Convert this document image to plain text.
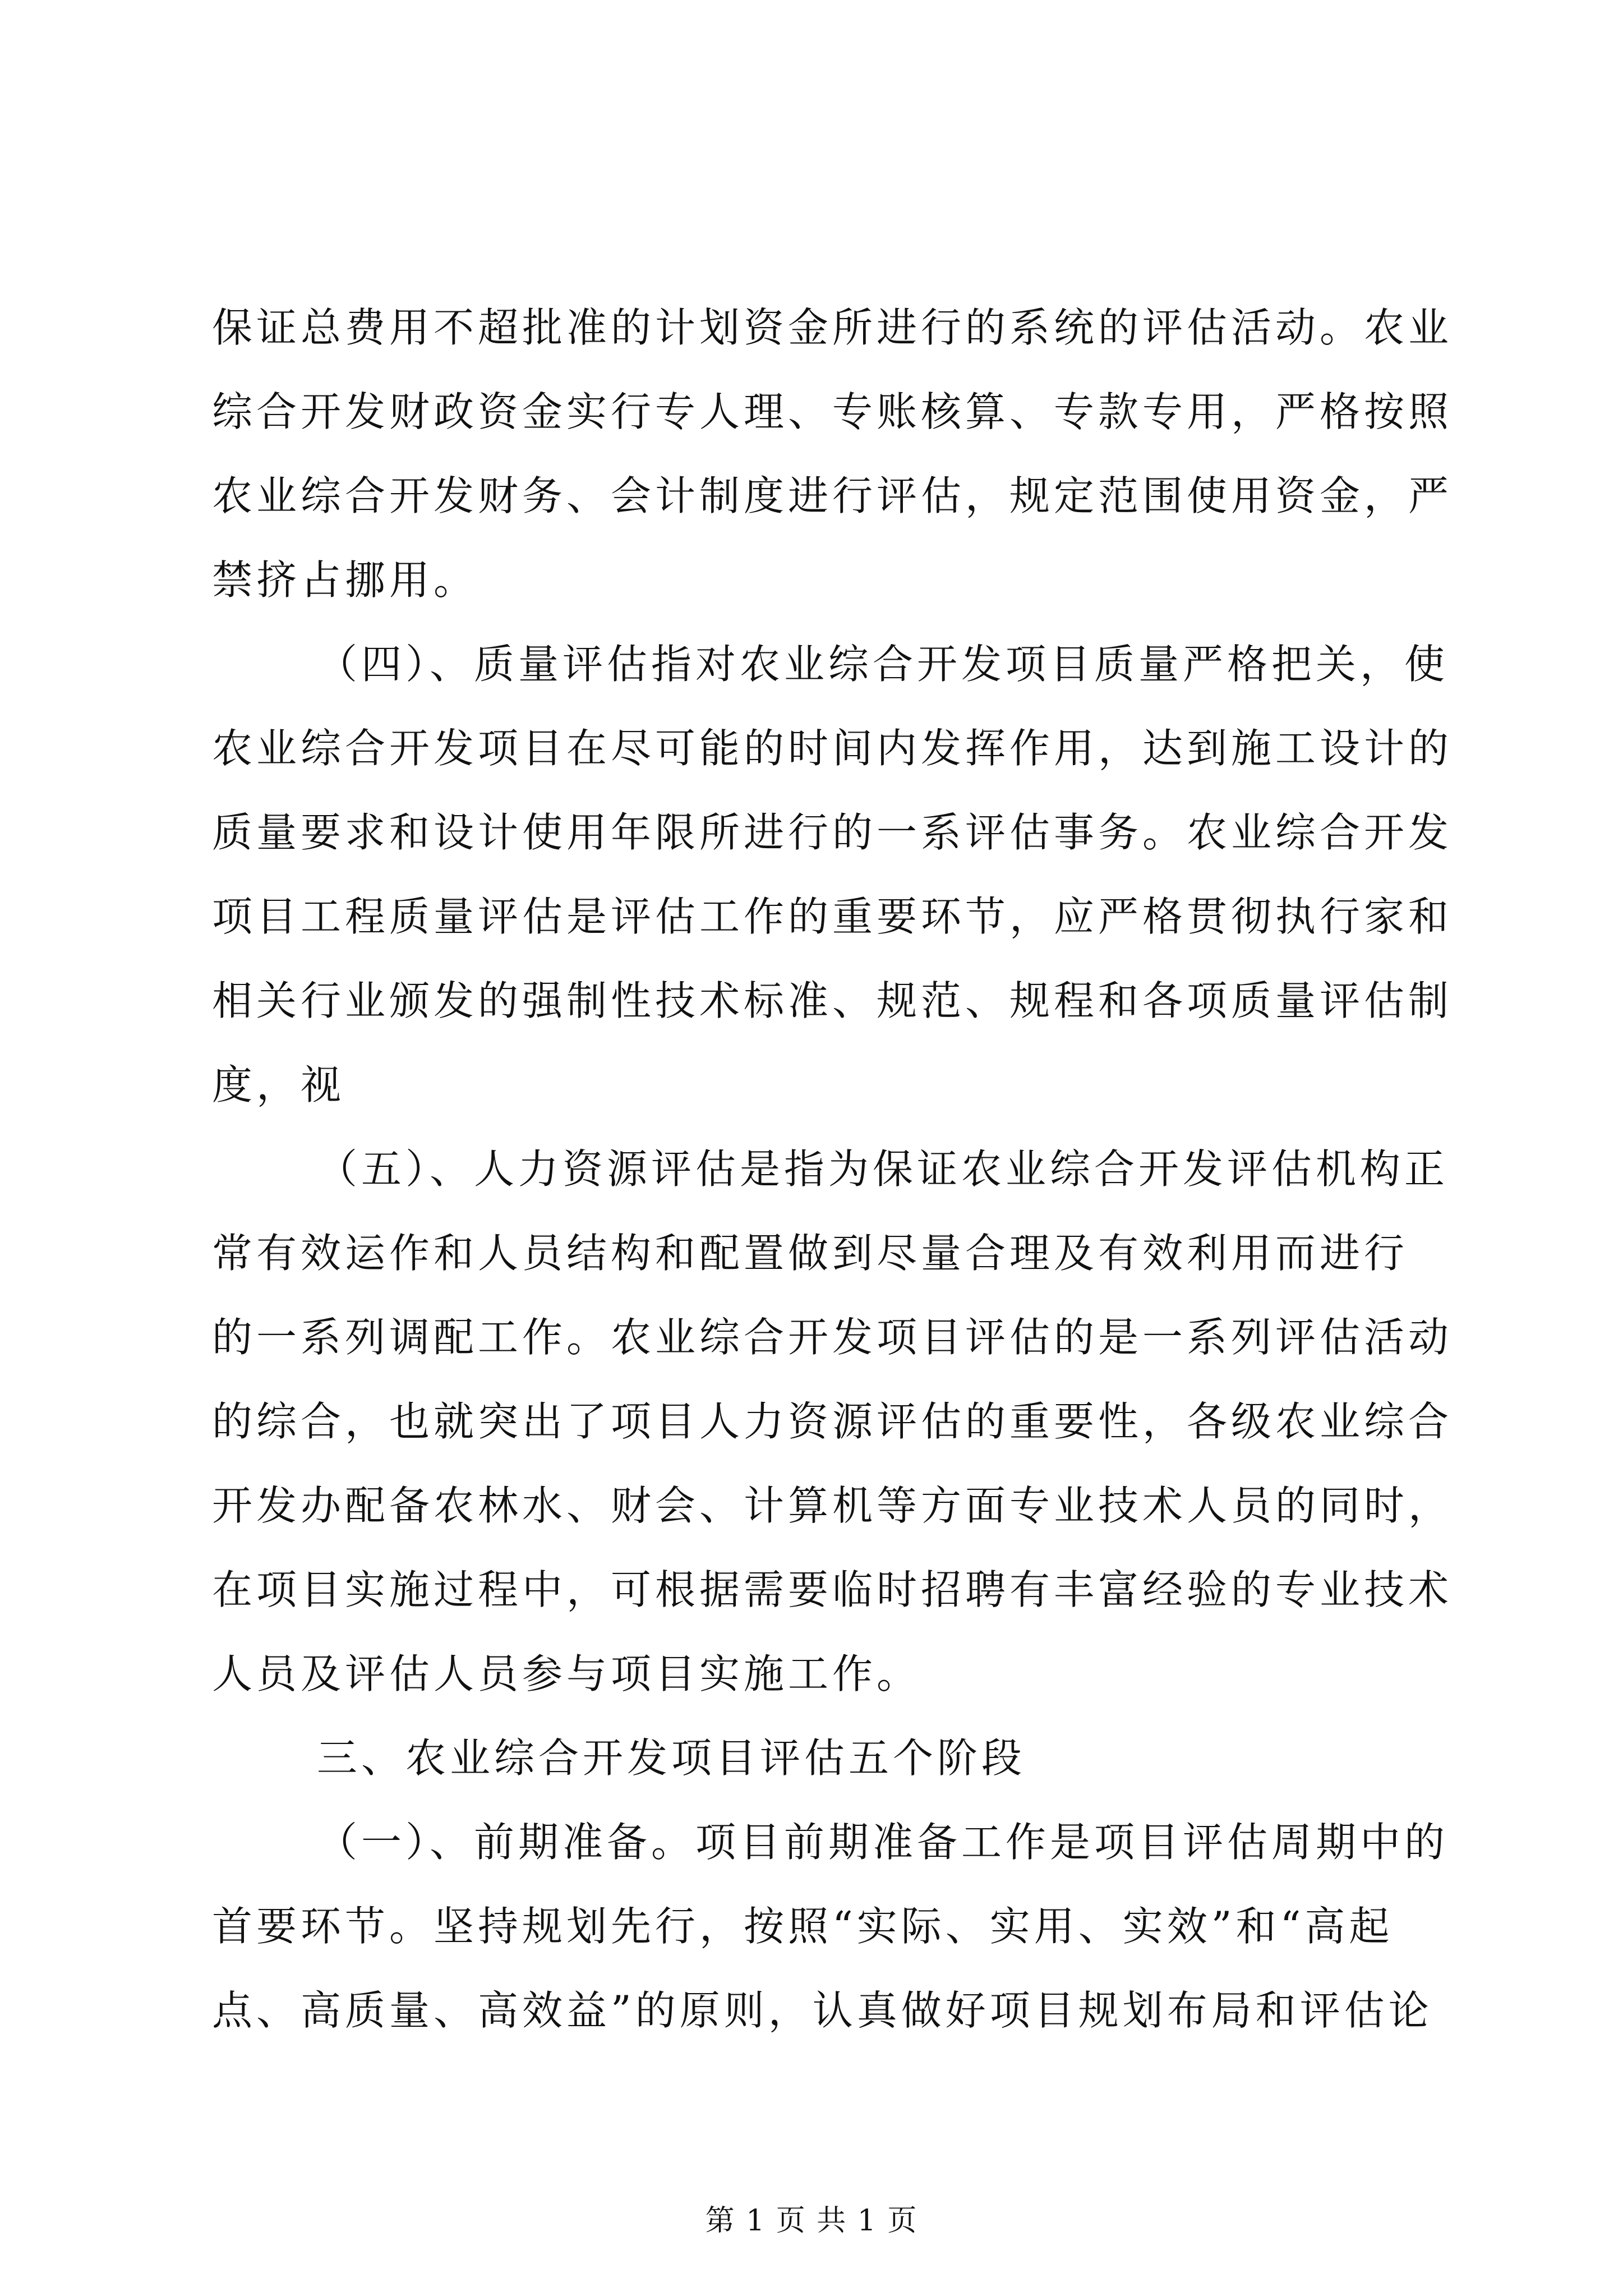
保证总费用不超批准的计划资金所进行的系统的评估活动。农业
综合开发财政资金实行专人理、专账核算、专款专用，严格按照
农业综合开发财务、会计制度进行评估，规定范围使用资金，严
禁挤占挪用。
（四）、质量评估指对农业综合开发项目质量严格把关，使
农业综合开发项目在尽可能的时间内发挥作用，达到施工设计的
质量要求和设计使用年限所进行的一系评估事务。农业综合开发
项目工程质量评估是评估工作的重要环节，应严格贯彻执行家和
相关行业颁发的强制性技术标准、规范、规程和各项质量评估制
度，视
（五）、人力资源评估是指为保证农业综合开发评估机构正
常有效运作和人员结构和配置做到尽量合理及有效利用而进行
的一系列调配工作。农业综合开发项目评估的是一系列评估活动
的综合，也就突出了项目人力资源评估的重要性，各级农业综合
开发办配备农林水、财会、计算机等方面专业技术人员的同时，
在项目实施过程中，可根据需要临时招聘有丰富经验的专业技术
人员及评估人员参与项目实施工作。
三、农业综合开发项目评估五个阶段
（一）、前期准备。项目前期准备工作是项目评估周期中的
首要环节。坚持规划先行，按照“实际、实用、实效”和“高起
点、高质量、高效益”的原则，认真做好项目规划布局和评估论
第 1 页 共 1 页
